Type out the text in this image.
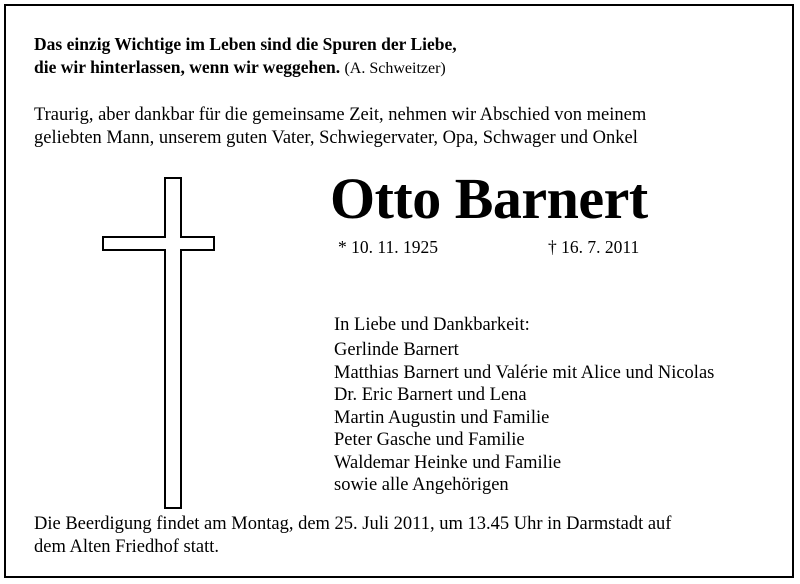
Das einzig Wichtige im Leben sind die Spuren der Liebe,
die wir hinterlassen, wenn wir weggehen. (A. Schweitzer)
Traurig, aber dankbar für die gemeinsame Zeit, nehmen wir Abschied von meinem
geliebten Mann, unserem guten Vater, Schwiegervater, Opa, Schwager und Onkel
Otto Barnert
* 10. 11. 1925	† 16. 7. 2011
In Liebe und Dankbarkeit:
Gerlinde Barnert
Matthias Barnert und Valérie mit Alice und Nicolas
Dr. Eric Barnert und Lena
Martin Augustin und Familie
Peter Gasche und Familie
Waldemar Heinke und Familie
sowie alle Angehörigen
Die Beerdigung findet am Montag, dem 25. Juli 2011, um 13.45 Uhr in Darmstadt auf
dem Alten Friedhof statt.
